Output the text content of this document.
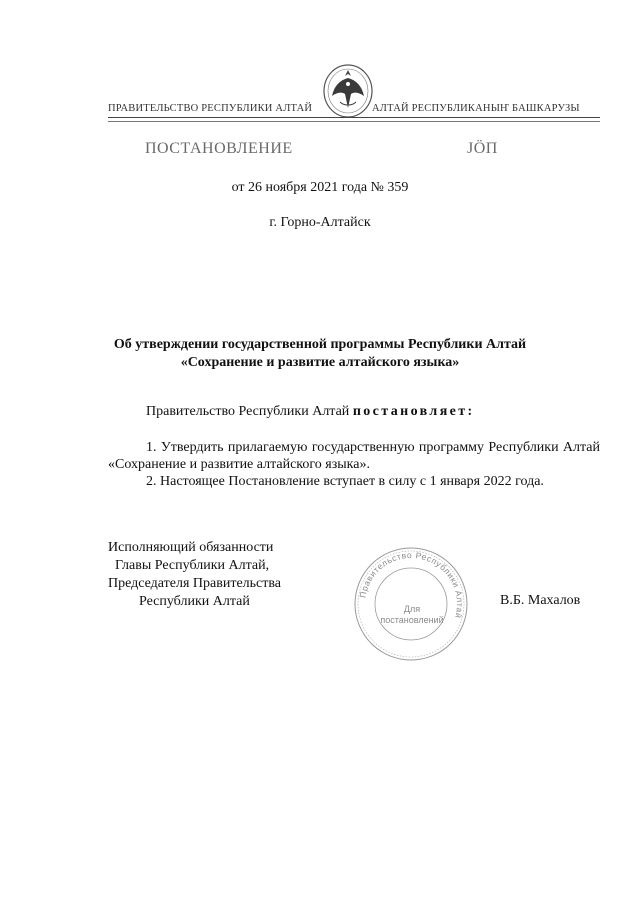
ПРАВИТЕЛЬСТВО РЕСПУБЛИКИ АЛТАЙ	АЛТАЙ РЕСПУБЛИКАНЫҤ БАШКАРУЗЫ
ПОСТАНОВЛЕНИЕ	ЈӦП
от 26 ноября 2021 года № 359
г. Горно-Алтайск
Об утверждении государственной программы Республики Алтай
«Сохранение и развитие алтайского языка»
Правительство Республики Алтай постановляет:
1. Утвердить прилагаемую государственную программу Республики Алтай «Сохранение и развитие алтайского языка».
2. Настоящее Постановление вступает в силу с 1 января 2022 года.
Исполняющий обязанности
Главы Республики Алтай,
Председателя Правительства
Республики Алтай	Правительство Республики Алтай
Для
постановлений
В.Б. Махалов
